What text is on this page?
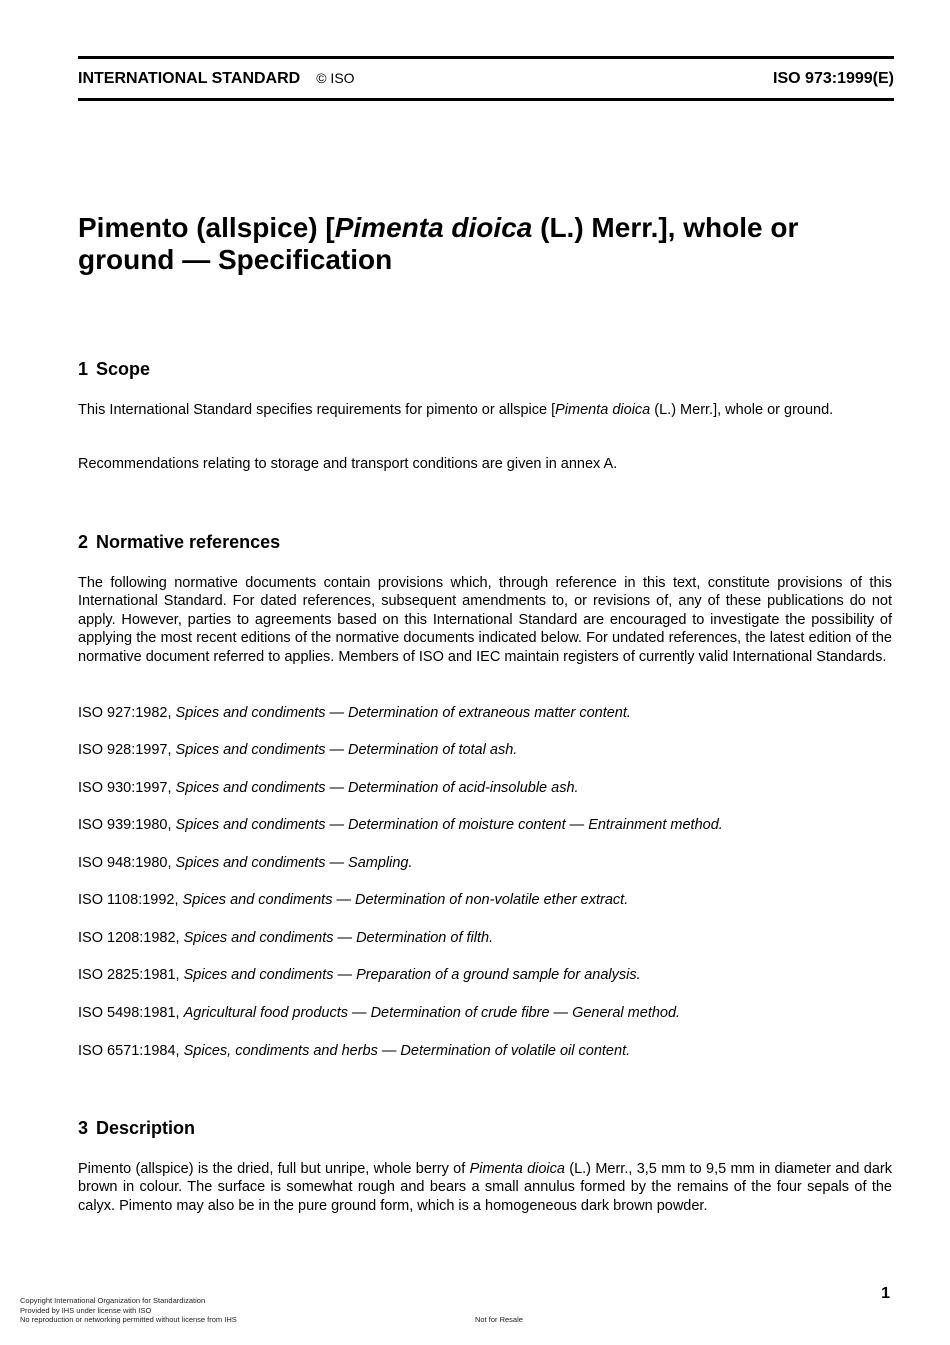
INTERNATIONAL STANDARD © ISO	ISO 973:1999(E)
Pimento (allspice) [Pimenta dioica (L.) Merr.], whole or ground — Specification
1 Scope

This International Standard specifies requirements for pimento or allspice [Pimenta dioica (L.) Merr.], whole or ground.

Recommendations relating to storage and transport conditions are given in annex A.

2 Normative references

The following normative documents contain provisions which, through reference in this text, constitute provisions of this International Standard. For dated references, subsequent amendments to, or revisions of, any of these publications do not apply. However, parties to agreements based on this International Standard are encouraged to investigate the possibility of applying the most recent editions of the normative documents indicated below. For undated references, the latest edition of the normative document referred to applies. Members of ISO and IEC maintain registers of currently valid International Standards.

ISO 927:1982, Spices and condiments — Determination of extraneous matter content.

ISO 928:1997, Spices and condiments — Determination of total ash.

ISO 930:1997, Spices and condiments — Determination of acid-insoluble ash.

ISO 939:1980, Spices and condiments — Determination of moisture content — Entrainment method.

ISO 948:1980, Spices and condiments — Sampling.

ISO 1108:1992, Spices and condiments — Determination of non-volatile ether extract.

ISO 1208:1982, Spices and condiments — Determination of filth.

ISO 2825:1981, Spices and condiments — Preparation of a ground sample for analysis.

ISO 5498:1981, Agricultural food products — Determination of crude fibre — General method.

ISO 6571:1984, Spices, condiments and herbs — Determination of volatile oil content.

3 Description

Pimento (allspice) is the dried, full but unripe, whole berry of Pimenta dioica (L.) Merr., 3,5 mm to 9,5 mm in diameter and dark brown in colour. The surface is somewhat rough and bears a small annulus formed by the remains of the four sepals of the calyx. Pimento may also be in the pure ground form, which is a homogeneous dark brown powder.

1
Copyright International Organization for Standardization
Provided by IHS under license with ISO
No reproduction or networking permitted without license from IHS	Not for Resale
